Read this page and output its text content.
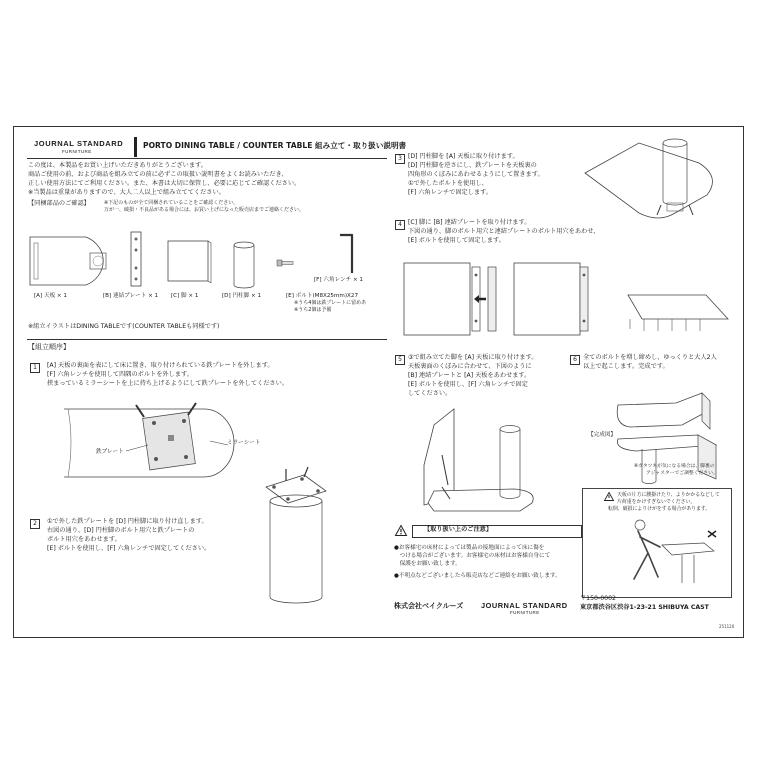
JOURNAL STANDARD
FURNITURE
PORTO DINING TABLE / COUNTER TABLE 組み立て・取り扱い説明書
この度は、本製品をお買い上げいただきありがとうございます。
商品ご使用の前、および商品を組み立ての前に必ずこの取扱い説明書をよくお読みいただき、
正しい使用方法にてご利用ください。また、本書は大切に保管し、必要に応じてご確認ください。
※当製品は重量がありますので、大人二人以上で組み立ててください。
【同梱部品のご確認】	※下記のものが全て同梱されていることをご確認ください。
万が一、破損・不良品がある場合には、お買い上げになった販売店までご連絡ください。
[A] 天板 × 1	[B] 連結プレート × 1 [C] 脚 × 1	[D] 円柱脚 × 1	[E] ボルト(M8X25mm)X27
※うち4個は鉄プレートに留めあ
※うち2個は予備
[F] 六角レンチ × 1
※組立イラストはDINING TABLEです(COUNTER TABLEも同様です)
【組立順序】
1	[A] 天板の裏面を表にして床に置き、取り付けられている鉄プレートを外します。
[F] 六角レンチを使用して四隅のボルトを外します。
挟まっているミラーシートを上に持ち上げるようにして鉄プレートを外してください。
鉄プレート
ミラーシート
2	①で外した鉄プレートを [D] 円柱脚に取り付け直します。
右図の通り、[D] 円柱脚のボルト用穴と鉄プレートの
ボルト用穴をあわせます。
[E] ボルトを使用し、[F] 六角レンチで固定してください。
3 [D] 円柱脚を [A] 天板に取り付けます。
[D] 円柱脚を逆さにし、鉄プレートを天板裏の
四角形のくぼみにあわせるようにして置きます。
①で外したボルトを使用し、
[F] 六角レンチで固定します。
4 [C] 脚に [B] 連結プレートを取り付けます。
下図の通り、脚のボルト用穴と連結プレートのボルト用穴をあわせ、
[E] ボルトを使用して固定します。
5 ③で組み立てた脚を [A] 天板に取り付けます。
天板裏面のくぼみに合わせて、下図のように
[B] 連結プレートと [A] 天板をあわせます。
[E] ボルトを使用し、[F] 六角レンチで固定
してください。
6 全てのボルトを増し締めし、ゆっくりと大人2人
以上で起こします。完成です。
【完成図】
※ガタツキが気になる場合は、脚裏の
アジャスターでご調整ください。
【取り扱い上のご注意】
●お客様宅の床材によっては製品の接地面によって床に傷を
　つける場合がございます。お客様宅の床材はお客様自身にて
　保護をお願い致します。
●不明点などございましたら販売店などご連絡をお願い致します。
天板の片方に腰掛けたり、よりかかるなどして
片荷重をかけすぎないでください。
転倒、破損によりけがをする場合があります。
株式会社ベイクルーズ JOURNAL STANDARD
FURNITURE
〒150-0002
東京都渋谷区渋谷1-23-21 SHIBUYA CAST
251120
